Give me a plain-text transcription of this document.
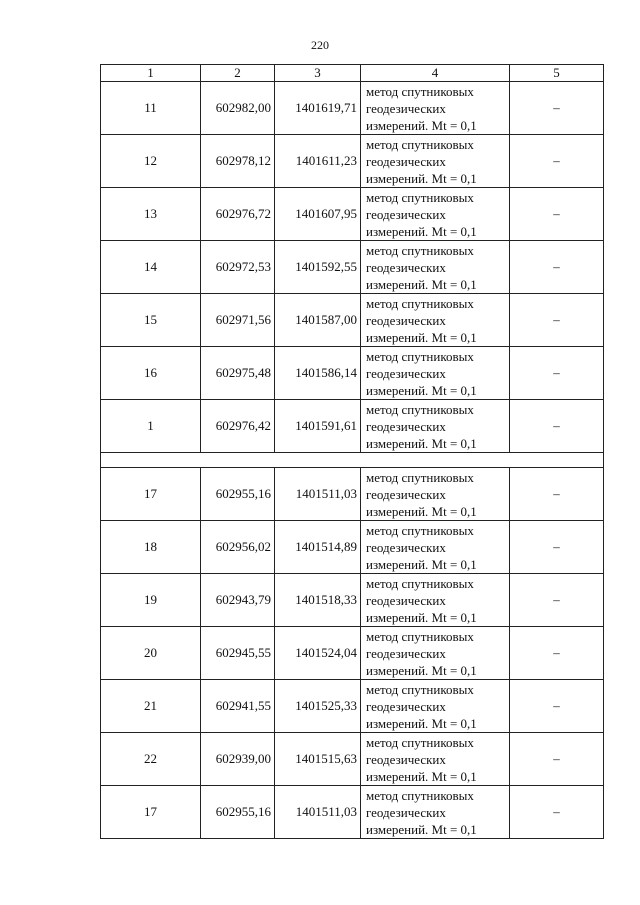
220
1	2	3	4	5
11	602982,00	1401619,71	метод спутниковых
геодезических
измерений. Mt = 0,1	–
12	602978,12	1401611,23	метод спутниковых
геодезических
измерений. Mt = 0,1	–
13	602976,72	1401607,95	метод спутниковых
геодезических
измерений. Mt = 0,1	–
14	602972,53	1401592,55	метод спутниковых
геодезических
измерений. Mt = 0,1	–
15	602971,56	1401587,00	метод спутниковых
геодезических
измерений. Mt = 0,1	–
16	602975,48	1401586,14	метод спутниковых
геодезических
измерений. Mt = 0,1	–
1	602976,42	1401591,61	метод спутниковых
геодезических
измерений. Mt = 0,1	–

17	602955,16	1401511,03	метод спутниковых
геодезических
измерений. Mt = 0,1	–
18	602956,02	1401514,89	метод спутниковых
геодезических
измерений. Mt = 0,1	–
19	602943,79	1401518,33	метод спутниковых
геодезических
измерений. Mt = 0,1	–
20	602945,55	1401524,04	метод спутниковых
геодезических
измерений. Mt = 0,1	–
21	602941,55	1401525,33	метод спутниковых
геодезических
измерений. Mt = 0,1	–
22	602939,00	1401515,63	метод спутниковых
геодезических
измерений. Mt = 0,1	–
17	602955,16	1401511,03	метод спутниковых
геодезических
измерений. Mt = 0,1	–
